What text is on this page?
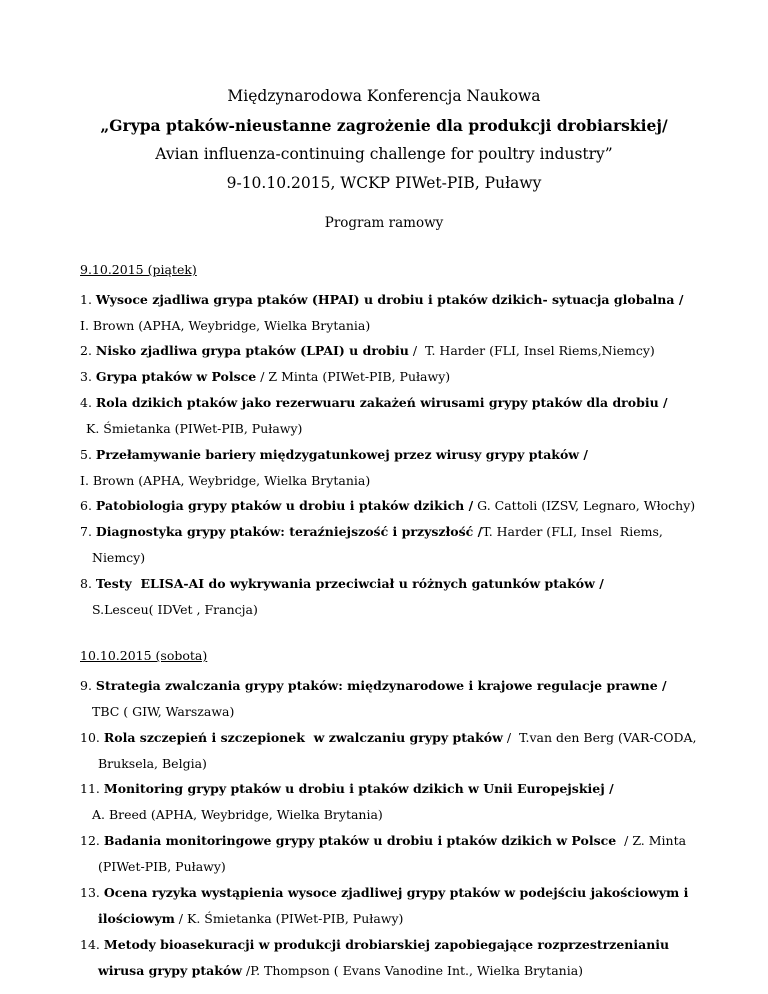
Międzynarodowa Konferencja Naukowa
„Grypa ptaków-nieustanne zagrożenie dla produkcji drobiarskiej/
Avian influenza-continuing challenge for poultry industry”
9-10.10.2015, WCKP PIWet-PIB, Puławy
Program ramowy
9.10.2015 (piątek)
1. Wysoce zjadliwa grypa ptaków (HPAI) u drobiu i ptaków dzikich- sytuacja globalna /
I. Brown (APHA, Weybridge, Wielka Brytania)
2. Nisko zjadliwa grypa ptaków (LPAI) u drobiu /  T. Harder (FLI, Insel Riems,Niemcy)
3. Grypa ptaków w Polsce / Z Minta (PIWet-PIB, Puławy)
4. Rola dzikich ptaków jako rezerwuaru zakażeń wirusami grypy ptaków dla drobiu /
K. Śmietanka (PIWet-PIB, Puławy)
5. Przełamywanie bariery międzygatunkowej przez wirusy grypy ptaków /
I. Brown (APHA, Weybridge, Wielka Brytania)
6. Patobiologia grypy ptaków u drobiu i ptaków dzikich / G. Cattoli (IZSV, Legnaro, Włochy)
7. Diagnostyka grypy ptaków: teraźniejszość i przyszłość /T. Harder (FLI, Insel  Riems,
Niemcy)
8. Testy  ELISA-AI do wykrywania przeciwciał u różnych gatunków ptaków /
S.Lesceu( IDVet , Francja)
10.10.2015 (sobota)
9. Strategia zwalczania grypy ptaków: międzynarodowe i krajowe regulacje prawne /
TBC ( GIW, Warszawa)
10. Rola szczepień i szczepionek  w zwalczaniu grypy ptaków /  T.van den Berg (VAR-CODA,
Bruksela, Belgia)
11. Monitoring grypy ptaków u drobiu i ptaków dzikich w Unii Europejskiej /
A. Breed (APHA, Weybridge, Wielka Brytania)
12. Badania monitoringowe grypy ptaków u drobiu i ptaków dzikich w Polsce  / Z. Minta
(PIWet-PIB, Puławy)
13. Ocena ryzyka wystąpienia wysoce zjadliwej grypy ptaków w podejściu jakościowym i
ilościowym / K. Śmietanka (PIWet-PIB, Puławy)
14. Metody bioasekuracji w produkcji drobiarskiej zapobiegające rozprzestrzenianiu
wirusa grypy ptaków /P. Thompson ( Evans Vanodine Int., Wielka Brytania)
